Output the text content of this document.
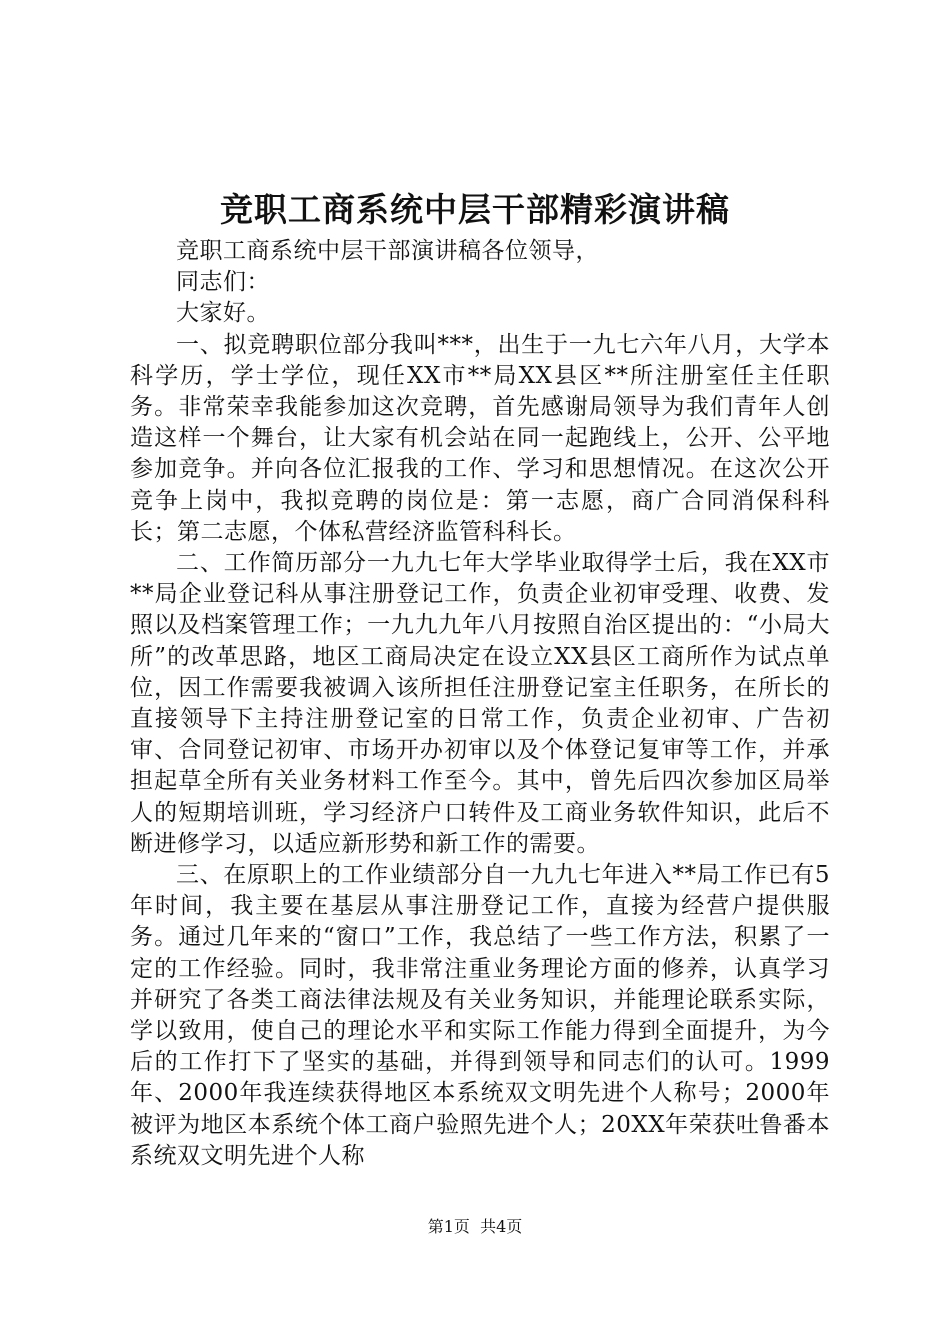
竞职工商系统中层干部精彩演讲稿

竞职工商系统中层干部演讲稿各位领导，

同志们：

大家好。

一、拟竞聘职位部分我叫***，出生于一九七六年八月，大学本科学历，学士学位，现任XX市**局XX县区**所注册室任主任职务。非常荣幸我能参加这次竞聘，首先感谢局领导为我们青年人创造这样一个舞台，让大家有机会站在同一起跑线上，公开、公平地参加竞争。并向各位汇报我的工作、学习和思想情况。在这次公开竞争上岗中，我拟竞聘的岗位是：第一志愿，商广合同消保科科长；第二志愿，个体私营经济监管科科长。

二、工作简历部分一九九七年大学毕业取得学士后，我在XX市**局企业登记科从事注册登记工作，负责企业初审受理、收费、发照以及档案管理工作；一九九九年八月按照自治区提出的：“小局大所”的改革思路，地区工商局决定在设立XX县区工商所作为试点单位，因工作需要我被调入该所担任注册登记室主任职务，在所长的直接领导下主持注册登记室的日常工作，负责企业初审、广告初审、合同登记初审、市场开办初审以及个体登记复审等工作，并承担起草全所有关业务材料工作至今。其中，曾先后四次参加区局举人的短期培训班，学习经济户口转件及工商业务软件知识，此后不断进修学习，以适应新形势和新工作的需要。

三、在原职上的工作业绩部分自一九九七年进入**局工作已有5年时间，我主要在基层从事注册登记工作，直接为经营户提供服务。通过几年来的“窗口”工作，我总结了一些工作方法，积累了一定的工作经验。同时，我非常注重业务理论方面的修养，认真学习并研究了各类工商法律法规及有关业务知识，并能理论联系实际，学以致用，使自己的理论水平和实际工作能力得到全面提升，为今后的工作打下了坚实的基础，并得到领导和同志们的认可。1999年、2000年我连续获得地区本系统双文明先进个人称号；2000年被评为地区本系统个体工商户验照先进个人；20XX年荣获吐鲁番本系统双文明先进个人称

第1页  共4页
